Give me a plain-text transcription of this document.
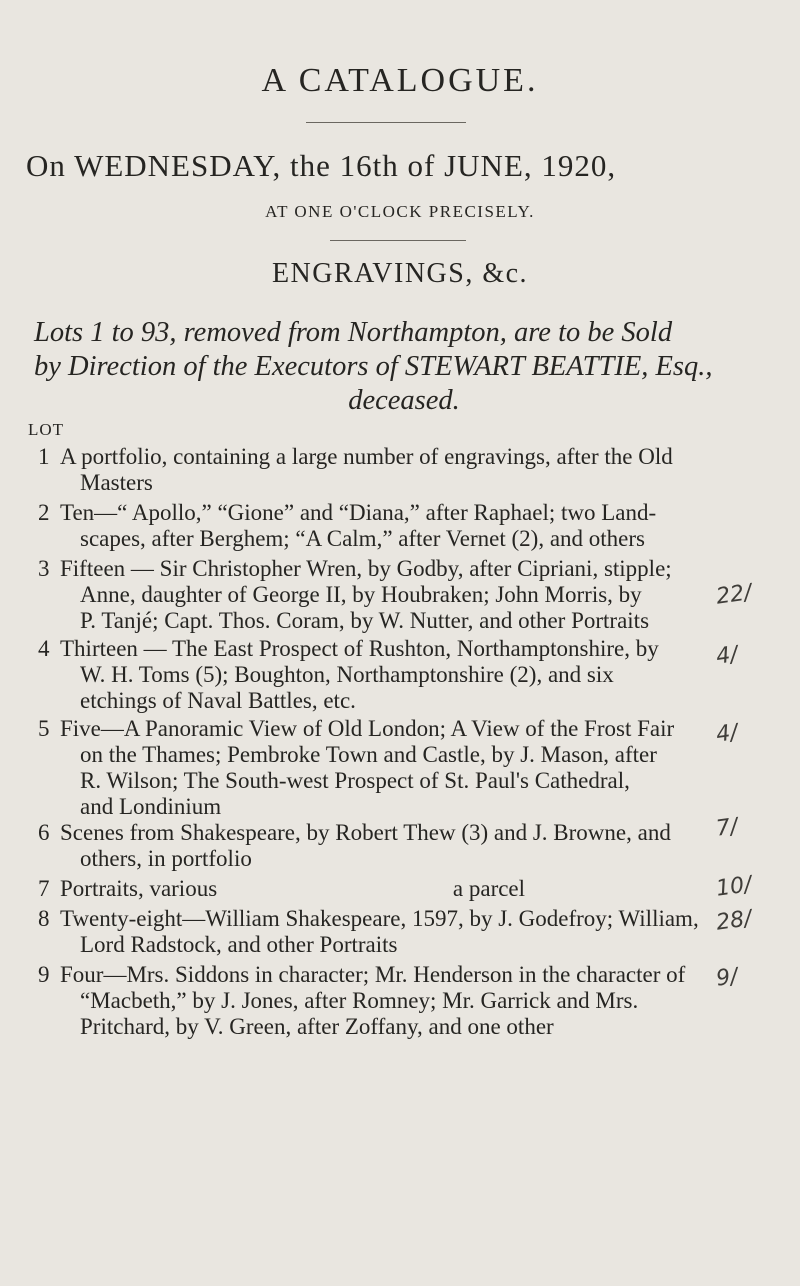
A CATALOGUE.
On WEDNESDAY, the 16th of JUNE, 1920,
AT ONE O'CLOCK PRECISELY.
ENGRAVINGS, &c.
Lots 1 to 93, removed from Northampton, are to be Sold
by Direction of the Executors of STEWART BEATTIE, Esq.,

deceased.
LOT
1 A portfolio, containing a large number of engravings, after the Old
Masters
2 Ten—“ Apollo,” “Gione” and “Diana,” after Raphael; two Land-
scapes, after Berghem; “A Calm,” after Vernet (2), and others
3 Fifteen — Sir Christopher Wren, by Godby, after Cipriani, stipple;
Anne, daughter of George II, by Houbraken; John Morris, by
P. Tanjé; Capt. Thos. Coram, by W. Nutter, and other Portraits
22/
4 Thirteen — The East Prospect of Rushton, Northamptonshire, by
W. H. Toms (5); Boughton, Northamptonshire (2), and six
etchings of Naval Battles, etc.
4/
5 Five—A Panoramic View of Old London; A View of the Frost Fair
on the Thames; Pembroke Town and Castle, by J. Mason, after
R. Wilson; The South-west Prospect of St. Paul's Cathedral,
and Londinium
4/
6 Scenes from Shakespeare, by Robert Thew (3) and J. Browne, and
others, in portfolio
7/
7 Portraits, various                                         a parcel	10/
8 Twenty-eight—William Shakespeare, 1597, by J. Godefroy; William,
Lord Radstock, and other Portraits
28/
9 Four—Mrs. Siddons in character; Mr. Henderson in the character of
“Macbeth,” by J. Jones, after Romney; Mr. Garrick and Mrs.
Pritchard, by V. Green, after Zoffany, and one other
9/
